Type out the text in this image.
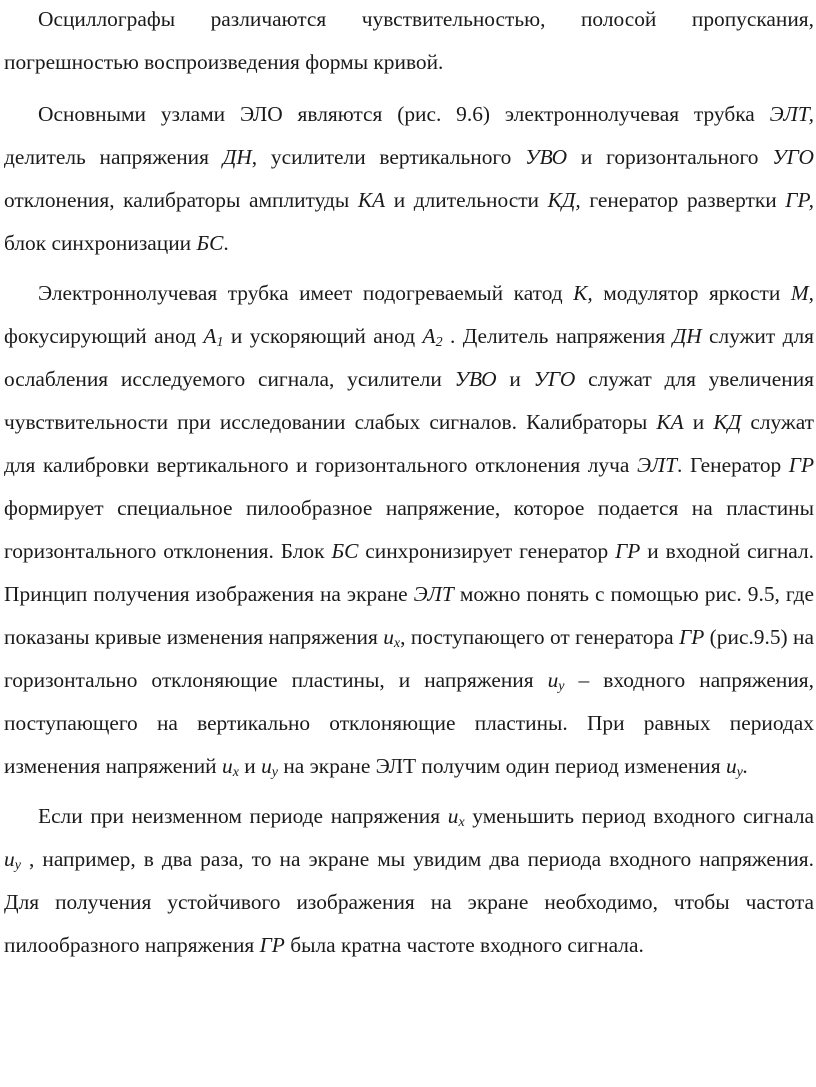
Осциллографы различаются чувствительностью, полосой пропускания, погрешностью воспроизведения формы кривой.

Основными узлами ЭЛО являются (рис. 9.6) электроннолучевая трубка ЭЛТ, делитель напряжения ДН, усилители вертикального УВО и горизонтального УГО отклонения, калибраторы амплитуды КА и длительности КД, генератор развертки ГР, блок синхронизации БС.

Электроннолучевая трубка имеет подогреваемый катод К, модулятор яркости М, фокусирующий анод $А_1$ и ускоряющий анод $А_2$ . Делитель напряжения ДН служит для ослабления исследуемого сигнала, усилители УВО и УГО служат для увеличения чувствительности при исследовании слабых сигналов. Калибраторы КА и КД служат для калибровки вертикального и горизонтального отклонения луча ЭЛТ. Генератор ГР формирует специальное пилообразное напряжение, которое подается на пластины горизонтального отклонения. Блок БС синхронизирует генератор ГР и входной сигнал. Принцип получения изображения на экране ЭЛТ можно понять с помощью рис. 9.5, где показаны кривые изменения напряжения $u_x$, поступающего от генератора ГР (рис.9.5) на горизонтально отклоняющие пластины, и напряжения $u_y$ – входного напряжения, поступающего на вертикально отклоняющие пластины. При равных периодах изменения напряжений $u_x$ и $u_y$ на экране ЭЛТ получим один период изменения $u_y$.

Если при неизменном периоде напряжения $u_x$ уменьшить период входного сигнала $u_y$ , например, в два раза, то на экране мы увидим два периода входного напряжения. Для получения устойчивого изображения на экране необходимо, чтобы частота пилообразного напряжения ГР была кратна частоте входного сигнала.
